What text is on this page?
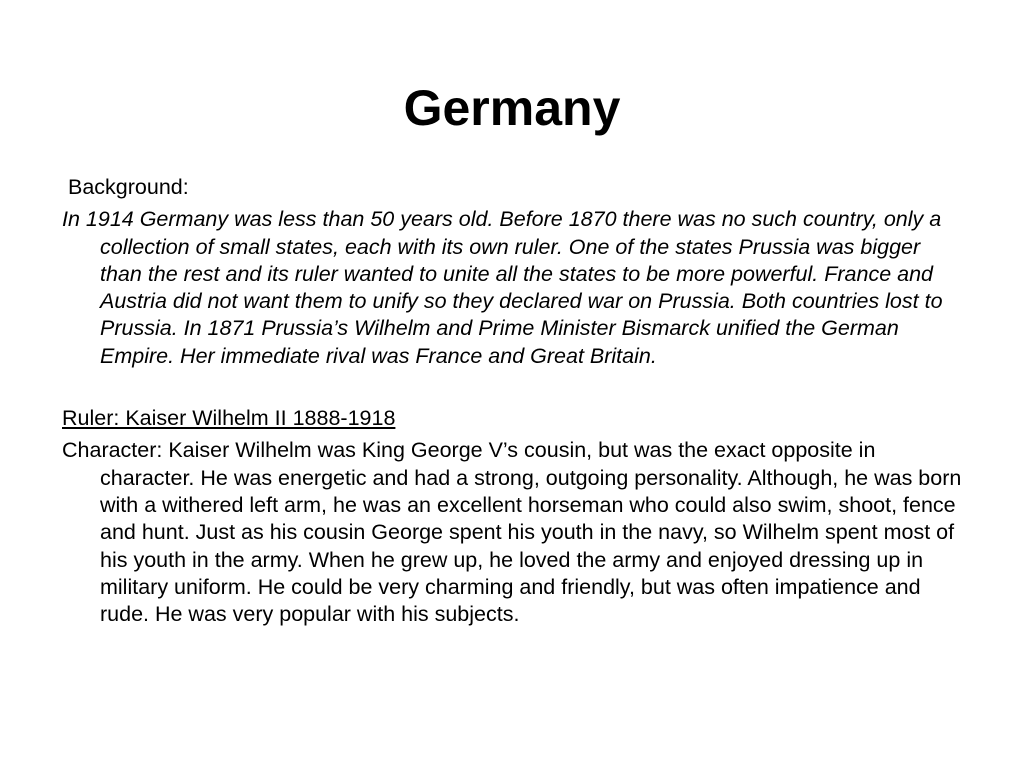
Germany

Background:

In 1914 Germany was less than 50 years old. Before 1870 there was no such country, only a collection of small states, each with its own ruler. One of the states Prussia was bigger than the rest and its ruler wanted to unite all the states to be more powerful. France and Austria did not want them to unify so they declared war on Prussia. Both countries lost to Prussia. In 1871 Prussia’s Wilhelm and Prime Minister Bismarck unified the German Empire. Her immediate rival was France and Great Britain.

Ruler: Kaiser Wilhelm II 1888-1918

Character: Kaiser Wilhelm was King George V’s cousin, but was the exact opposite in character. He was energetic and had a strong, outgoing personality. Although, he was born with a withered left arm, he was an excellent horseman who could also swim, shoot, fence and hunt. Just as his cousin George spent his youth in the navy, so Wilhelm spent most of his youth in the army. When he grew up, he loved the army and enjoyed dressing up in military uniform. He could be very charming and friendly, but was often impatience and rude. He was very popular with his subjects.
